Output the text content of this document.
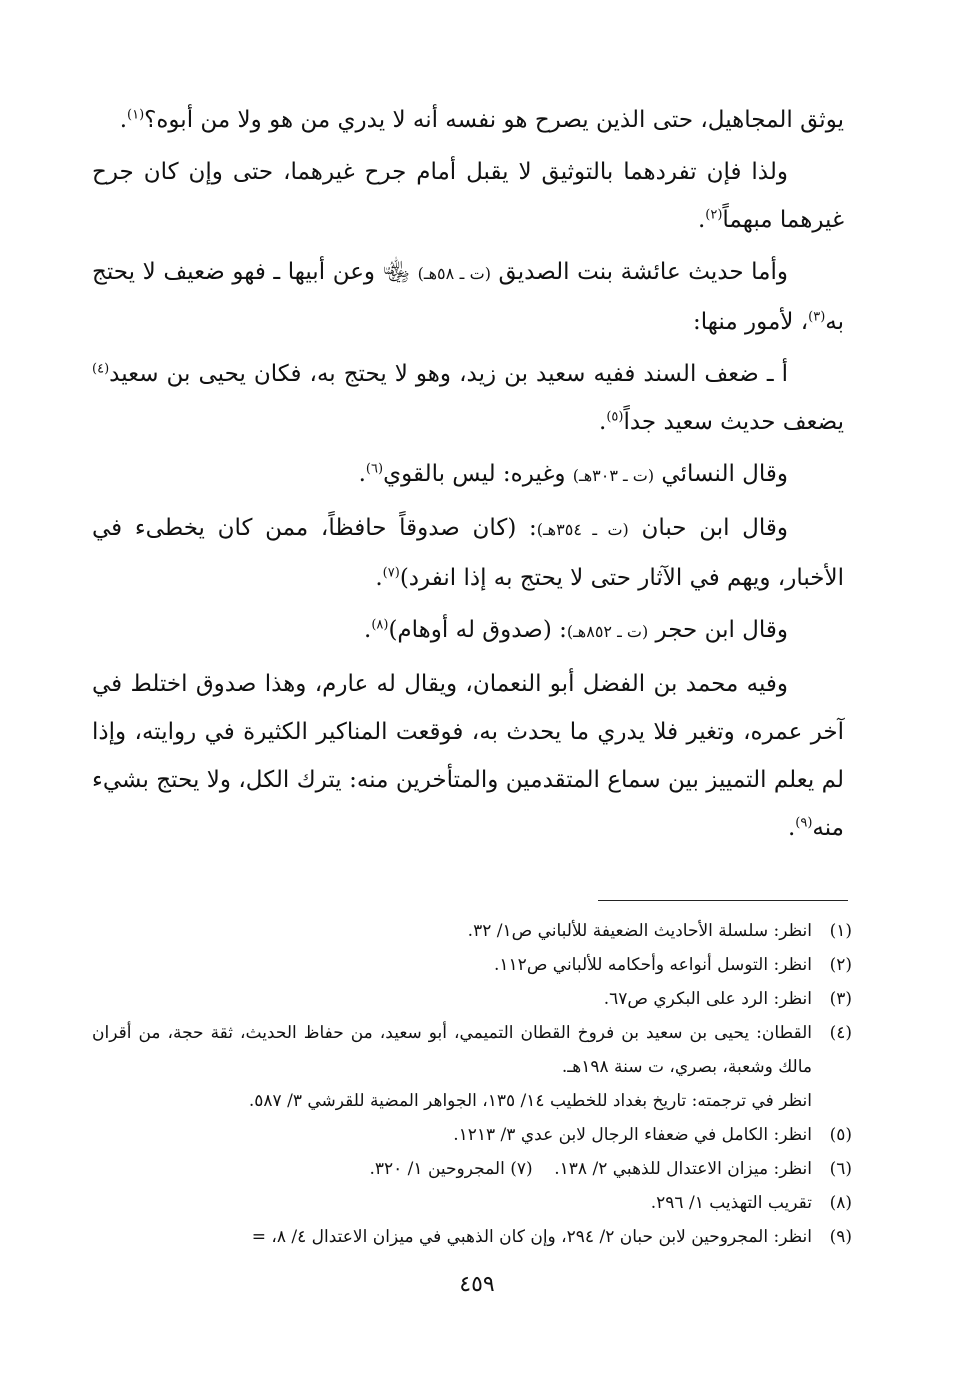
يوثق المجاهيل، حتى الذين يصرح هو نفسه أنه لا يدري من هو ولا من أبوه؟$^{(١)}$.

ولذا فإن تفردهما بالتوثيق لا يقبل أمام جرح غيرهما، حتى وإن كان جرح غيرهما مبهماً$^{(٢)}$.

وأما حديث عائشة بنت الصديق (ت ـ ٥٨هـ) ﵄ وعن أبيها ـ فهو ضعيف لا يحتج به$^{(٣)}$، لأمور منها:

أ ـ ضعف السند ففيه سعيد بن زيد، وهو لا يحتج به، فكان يحيى بن سعيد$^{(٤)}$ يضعف حديث سعيد جداً$^{(٥)}$.

وقال النسائي (ت ـ ٣٠٣هـ) وغيره: ليس بالقوي$^{(٦)}$.

وقال ابن حبان (ت ـ ٣٥٤هـ): (كان صدوقاً حافظاً، ممن كان يخطىء في الأخبار، ويهم في الآثار حتى لا يحتج به إذا انفرد)$^{(٧)}$.

وقال ابن حجر (ت ـ ٨٥٢هـ): (صدوق له أوهام)$^{(٨)}$.

وفيه محمد بن الفضل أبو النعمان، ويقال له عارم، وهذا صدوق اختلط في آخر عمره، وتغير فلا يدري ما يحدث به، فوقعت المناكير الكثيرة في روايته، وإذا لم يعلم التمييز بين سماع المتقدمين والمتأخرين منه: يترك الكل، ولا يحتج بشيء منه$^{(٩)}$.

(١)
انظر: سلسلة الأحاديث الضعيفة للألباني ص١/ ٣٢.
(٢)
انظر: التوسل أنواعه وأحكامه للألباني ص١١٢.
(٣)
انظر: الرد على البكري ص٦٧.
(٤)
القطان: يحيى بن سعيد بن فروخ القطان التميمي، أبو سعيد، من حفاظ الحديث، ثقة حجة، من أقران مالك وشعبة، بصري، ت سنة ١٩٨هـ.
انظر في ترجمته: تاريخ بغداد للخطيب ١٤/ ١٣٥، الجواهر المضية للقرشي ٣/ ٥٨٧.
(٥)
انظر: الكامل في ضعفاء الرجال لابن عدي ٣/ ١٢١٣.
(٦)
انظر: ميزان الاعتدال للذهبي ٢/ ١٣٨.    (٧) المجروحين ١/ ٣٢٠.
(٨)
تقريب التهذيب ١/ ٢٩٦.
(٩)
انظر: المجروحين لابن حبان ٢/ ٢٩٤، وإن كان الذهبي في ميزان الاعتدال ٤/ ٨، =
٤٥٩
